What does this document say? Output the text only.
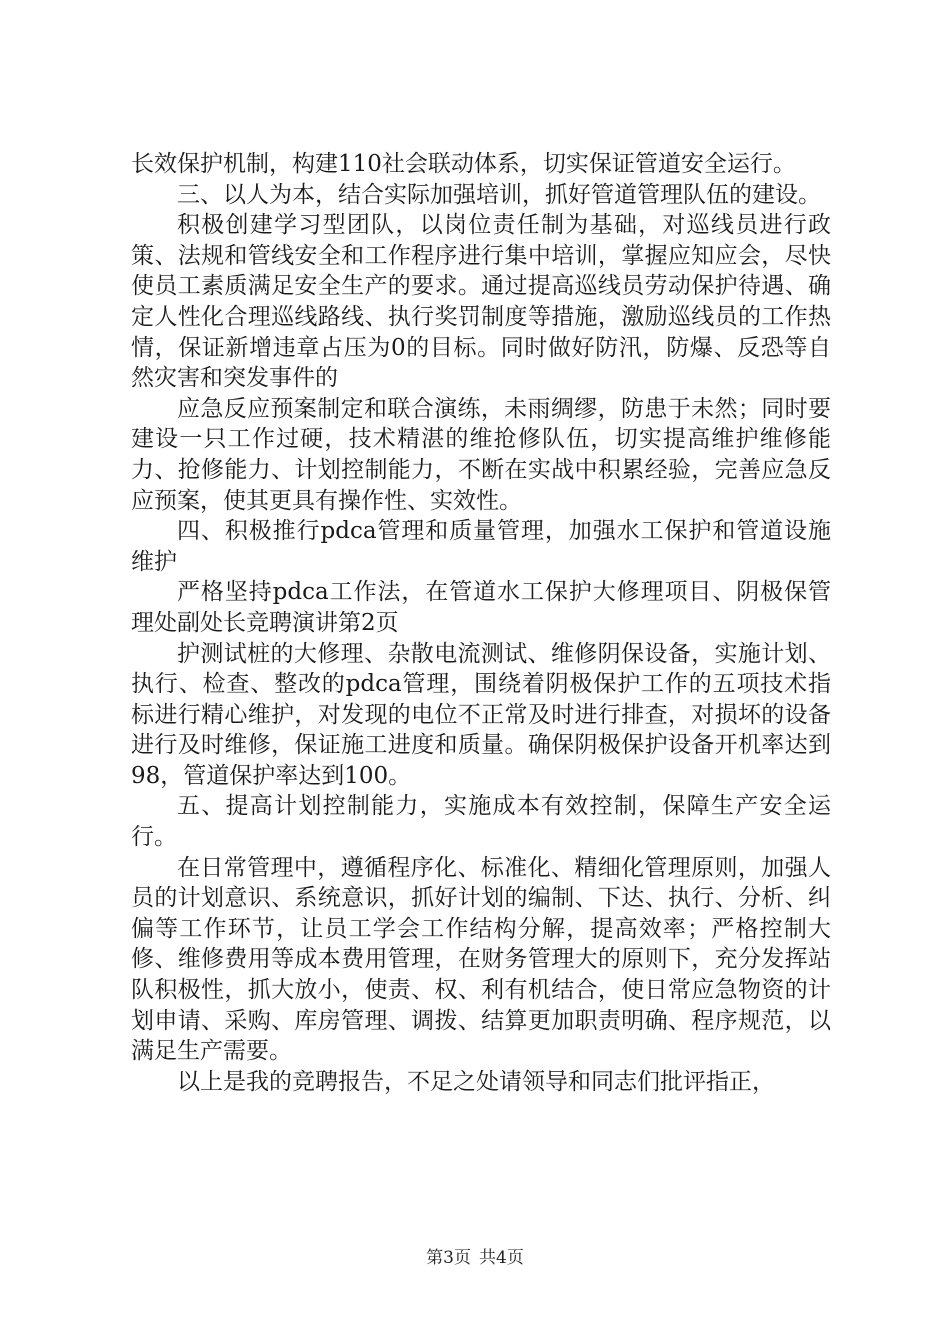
长效保护机制，构建110社会联动体系，切实保证管道安全运行。

三、以人为本，结合实际加强培训，抓好管道管理队伍的建设。

积极创建学习型团队，以岗位责任制为基础，对巡线员进行政策、法规和管线安全和工作程序进行集中培训，掌握应知应会，尽快使员工素质满足安全生产的要求。通过提高巡线员劳动保护待遇、确定人性化合理巡线路线、执行奖罚制度等措施，激励巡线员的工作热情，保证新增违章占压为0的目标。同时做好防汛，防爆、反恐等自然灾害和突发事件的

应急反应预案制定和联合演练，未雨绸缪，防患于未然；同时要建设一只工作过硬，技术精湛的维抢修队伍，切实提高维护维修能力、抢修能力、计划控制能力，不断在实战中积累经验，完善应急反应预案，使其更具有操作性、实效性。

四、积极推行pdca管理和质量管理，加强水工保护和管道设施维护

严格坚持pdca工作法，在管道水工保护大修理项目、阴极保管理处副处长竞聘演讲第2页

护测试桩的大修理、杂散电流测试、维修阴保设备，实施计划、执行、检查、整改的pdca管理，围绕着阴极保护工作的五项技术指标进行精心维护，对发现的电位不正常及时进行排查，对损坏的设备进行及时维修，保证施工进度和质量。确保阴极保护设备开机率达到98，管道保护率达到100。

五、提高计划控制能力，实施成本有效控制，保障生产安全运行。

在日常管理中，遵循程序化、标准化、精细化管理原则，加强人员的计划意识、系统意识，抓好计划的编制、下达、执行、分析、纠偏等工作环节，让员工学会工作结构分解，提高效率；严格控制大修、维修费用等成本费用管理，在财务管理大的原则下，充分发挥站队积极性，抓大放小，使责、权、利有机结合，使日常应急物资的计划申请、采购、库房管理、调拨、结算更加职责明确、程序规范，以满足生产需要。

以上是我的竞聘报告，不足之处请领导和同志们批评指正，

第3页 共4页
